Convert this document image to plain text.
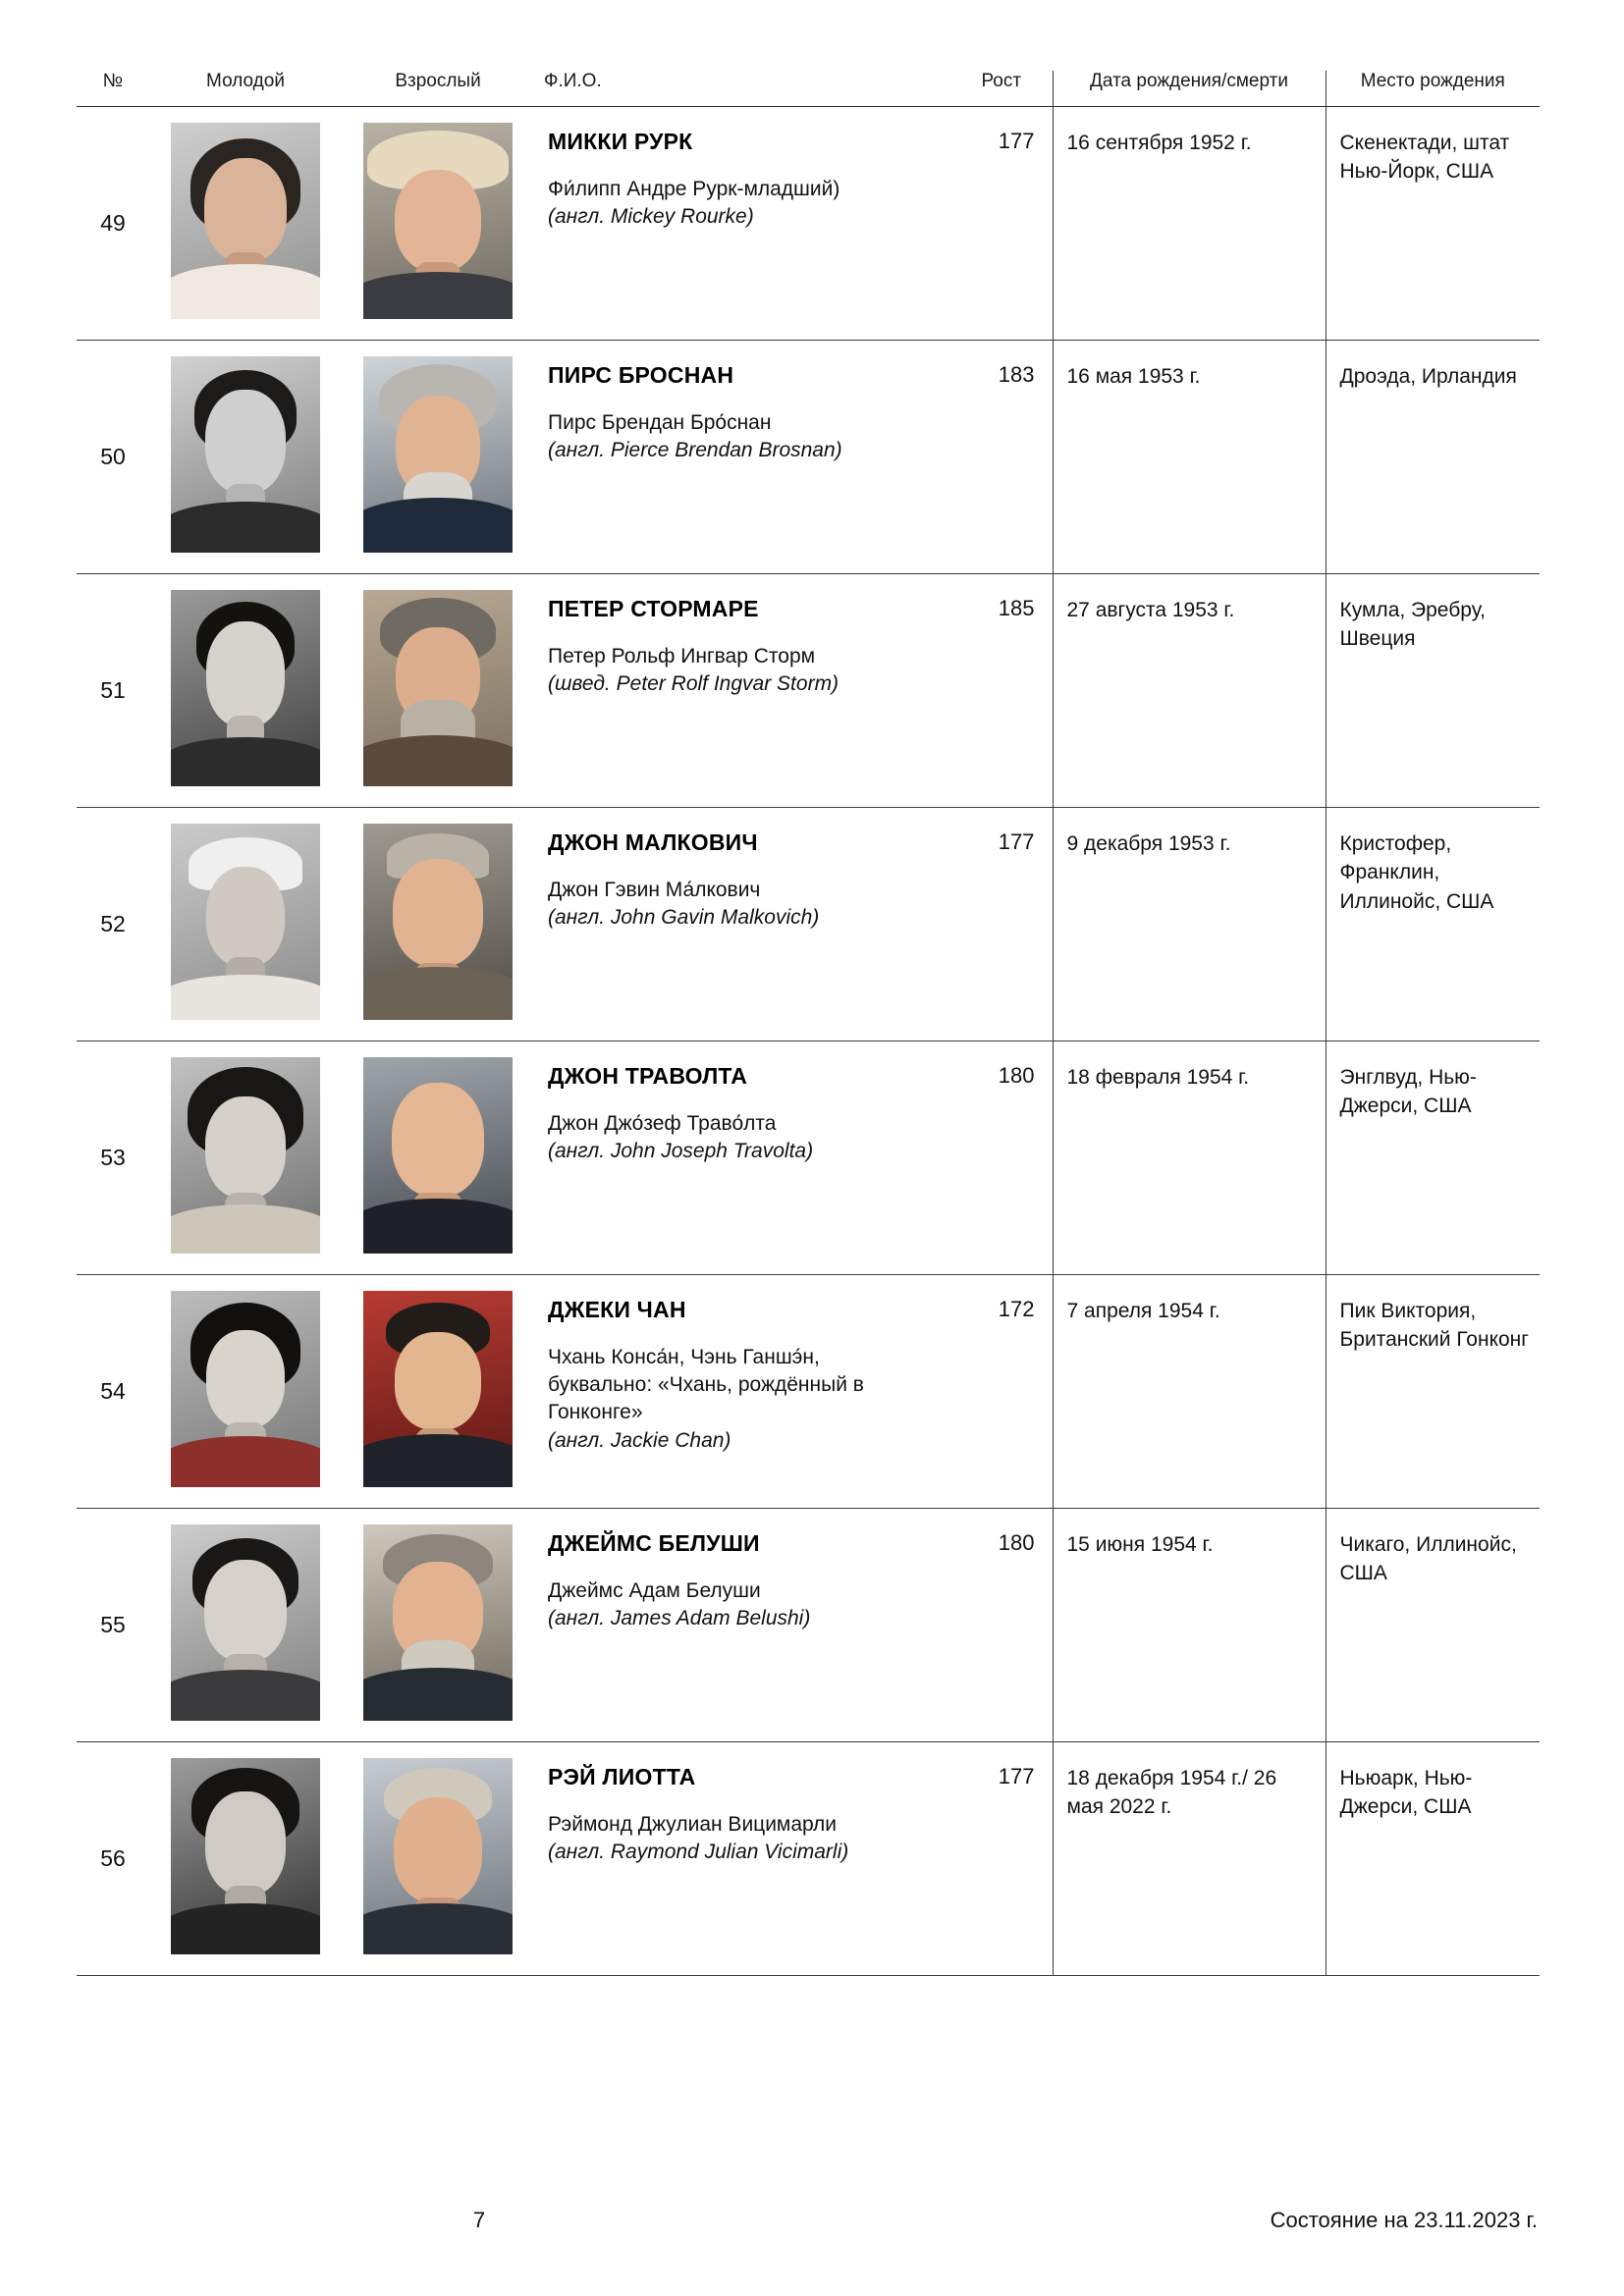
№	Молодой	Взрослый	Ф.И.О.	Рост	Дата рождения/смерти	Место рождения
49			МИККИ РУРК
Фи́липп Андре Рурк-младший)
(англ. Mickey Rourke)	177	16 сентября 1952 г.	Скенектади, штат Нью-Йорк, США
50			ПИРС БРОСНАН
Пирс Брендан Бро́снан
(англ. Pierce Brendan Brosnan)	183	16 мая 1953 г.	Дроэда, Ирландия
51			ПЕТЕР СТОРМАРЕ
Петер Рольф Ингвар Сторм
(швед. Peter Rolf Ingvar Storm)	185	27 августа 1953 г.	Кумла, Эребру, Швеция
52			ДЖОН МАЛКОВИЧ
Джон Гэвин Ма́лкович
(англ. John Gavin Malkovich)	177	9 декабря 1953 г.	Кристофер, Франклин, Иллинойс, США
53			ДЖОН ТРАВОЛТА
Джон Джо́зеф Траво́лта
(англ. John Joseph Travolta)	180	18 февраля 1954 г.	Энглвуд, Нью-Джерси, США
54			ДЖЕКИ ЧАН
Чхань Конса́н, Чэнь Ганшэ́н, буквально: «Чхань, рождённый в Гонконге»
(англ. Jackie Chan)	172	7 апреля 1954 г.	Пик Виктория, Британский Гонконг
55			ДЖЕЙМС БЕЛУШИ
Джеймс Адам Белуши
(англ. James Adam Belushi)	180	15 июня 1954 г.	Чикаго, Иллинойс, США
56			РЭЙ ЛИОТТА
Рэймонд Джулиан Вицимарли
(англ. Raymond Julian Vicimarli)	177	18 декабря 1954 г./ 26 мая 2022 г.	Ньюарк, Нью-Джерси, США
7	Состояние на 23.11.2023 г.
